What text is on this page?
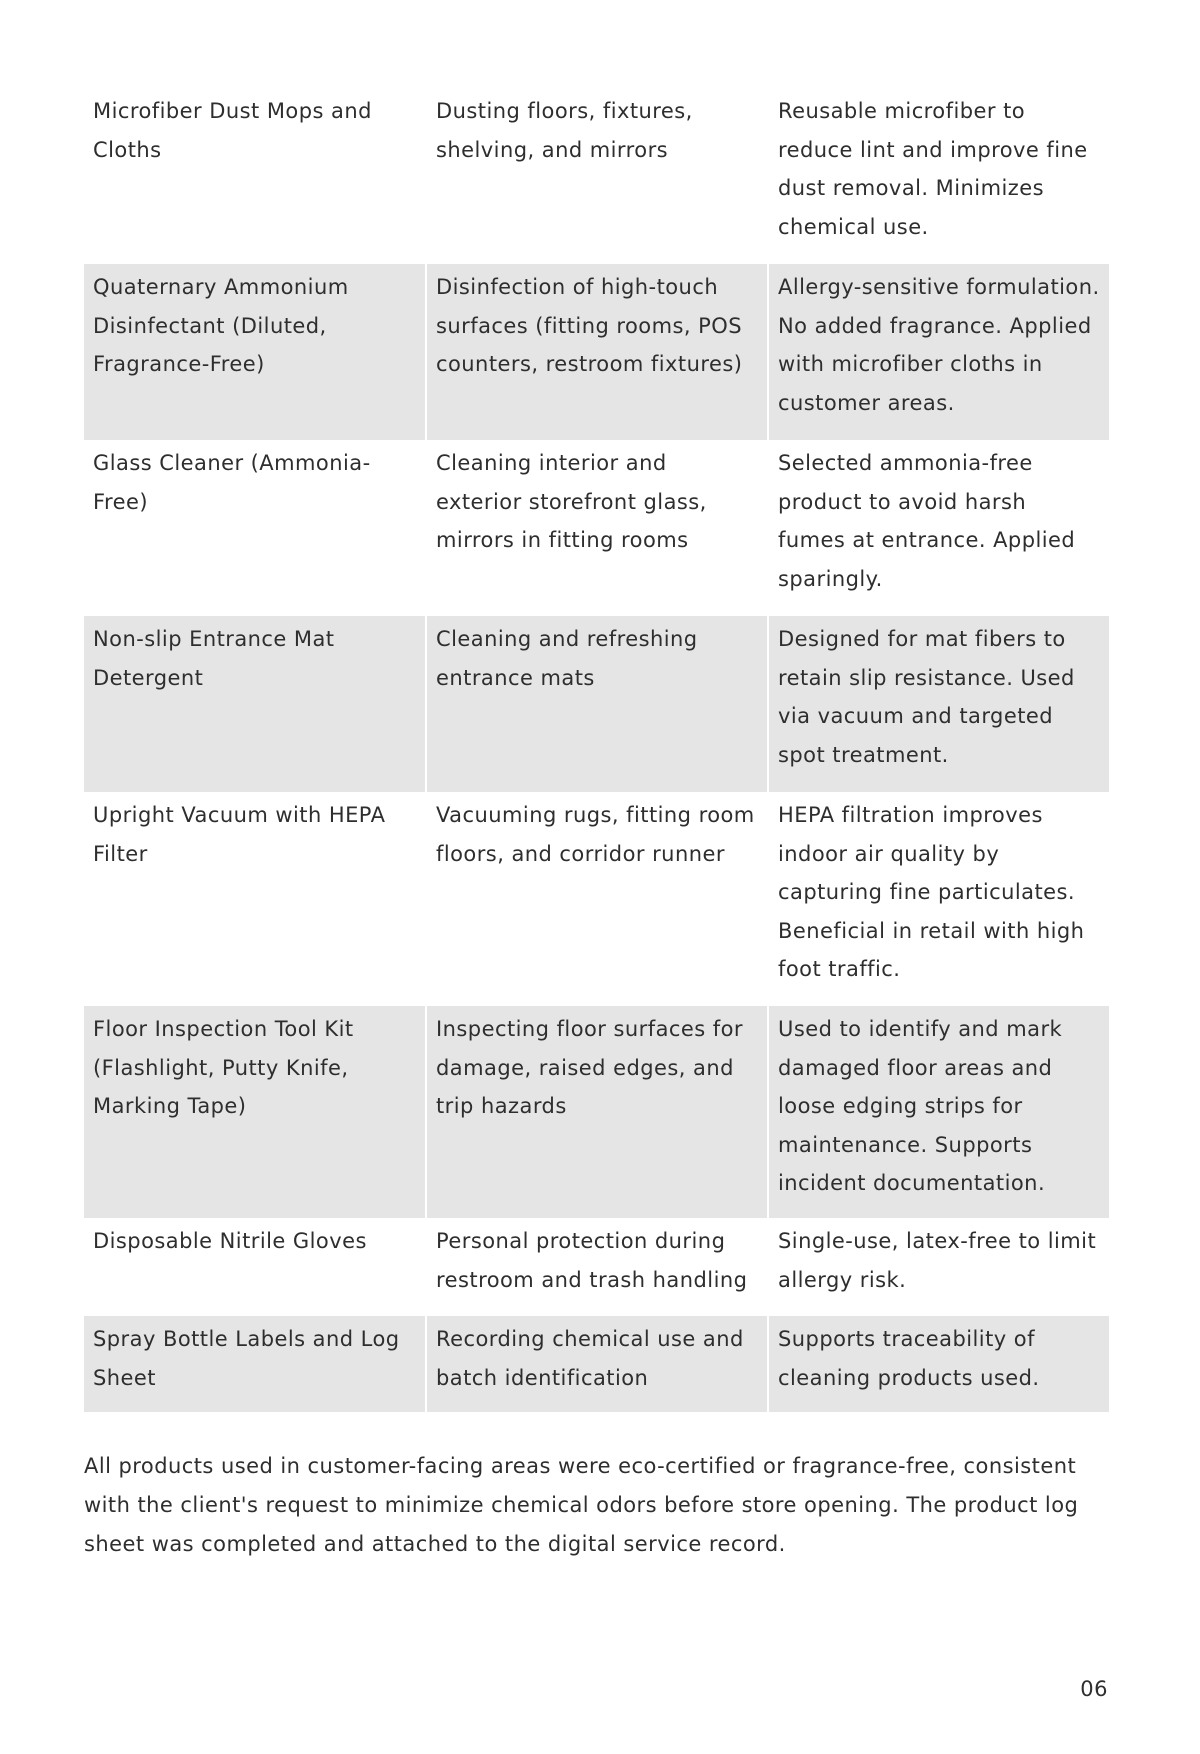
Microfiber Dust Mops and Cloths	Dusting floors, fixtures, shelving, and mirrors	Reusable microfiber to reduce lint and improve fine dust removal. Minimizes chemical use.
Quaternary Ammonium Disinfectant (Diluted, Fragrance-Free)	Disinfection of high-touch surfaces (fitting rooms, POS counters, restroom fixtures)	Allergy-sensitive formulation. No added fragrance. Applied with microfiber cloths in customer areas.
Glass Cleaner (Ammonia-Free)	Cleaning interior and exterior storefront glass, mirrors in fitting rooms	Selected ammonia-free product to avoid harsh fumes at entrance. Applied sparingly.
Non-slip Entrance Mat Detergent	Cleaning and refreshing entrance mats	Designed for mat fibers to retain slip resistance. Used via vacuum and targeted spot treatment.
Upright Vacuum with HEPA Filter	Vacuuming rugs, fitting room floors, and corridor runner	HEPA filtration improves indoor air quality by capturing fine particulates. Beneficial in retail with high foot traffic.
Floor Inspection Tool Kit (Flashlight, Putty Knife, Marking Tape)	Inspecting floor surfaces for damage, raised edges, and trip hazards	Used to identify and mark damaged floor areas and loose edging strips for maintenance. Supports incident documentation.
Disposable Nitrile Gloves	Personal protection during restroom and trash handling	Single-use, latex-free to limit allergy risk.
Spray Bottle Labels and Log Sheet	Recording chemical use and batch identification	Supports traceability of cleaning products used.

All products used in customer-facing areas were eco-certified or fragrance-free, consistent with the client's request to minimize chemical odors before store opening. The product log sheet was completed and attached to the digital service record.

06
